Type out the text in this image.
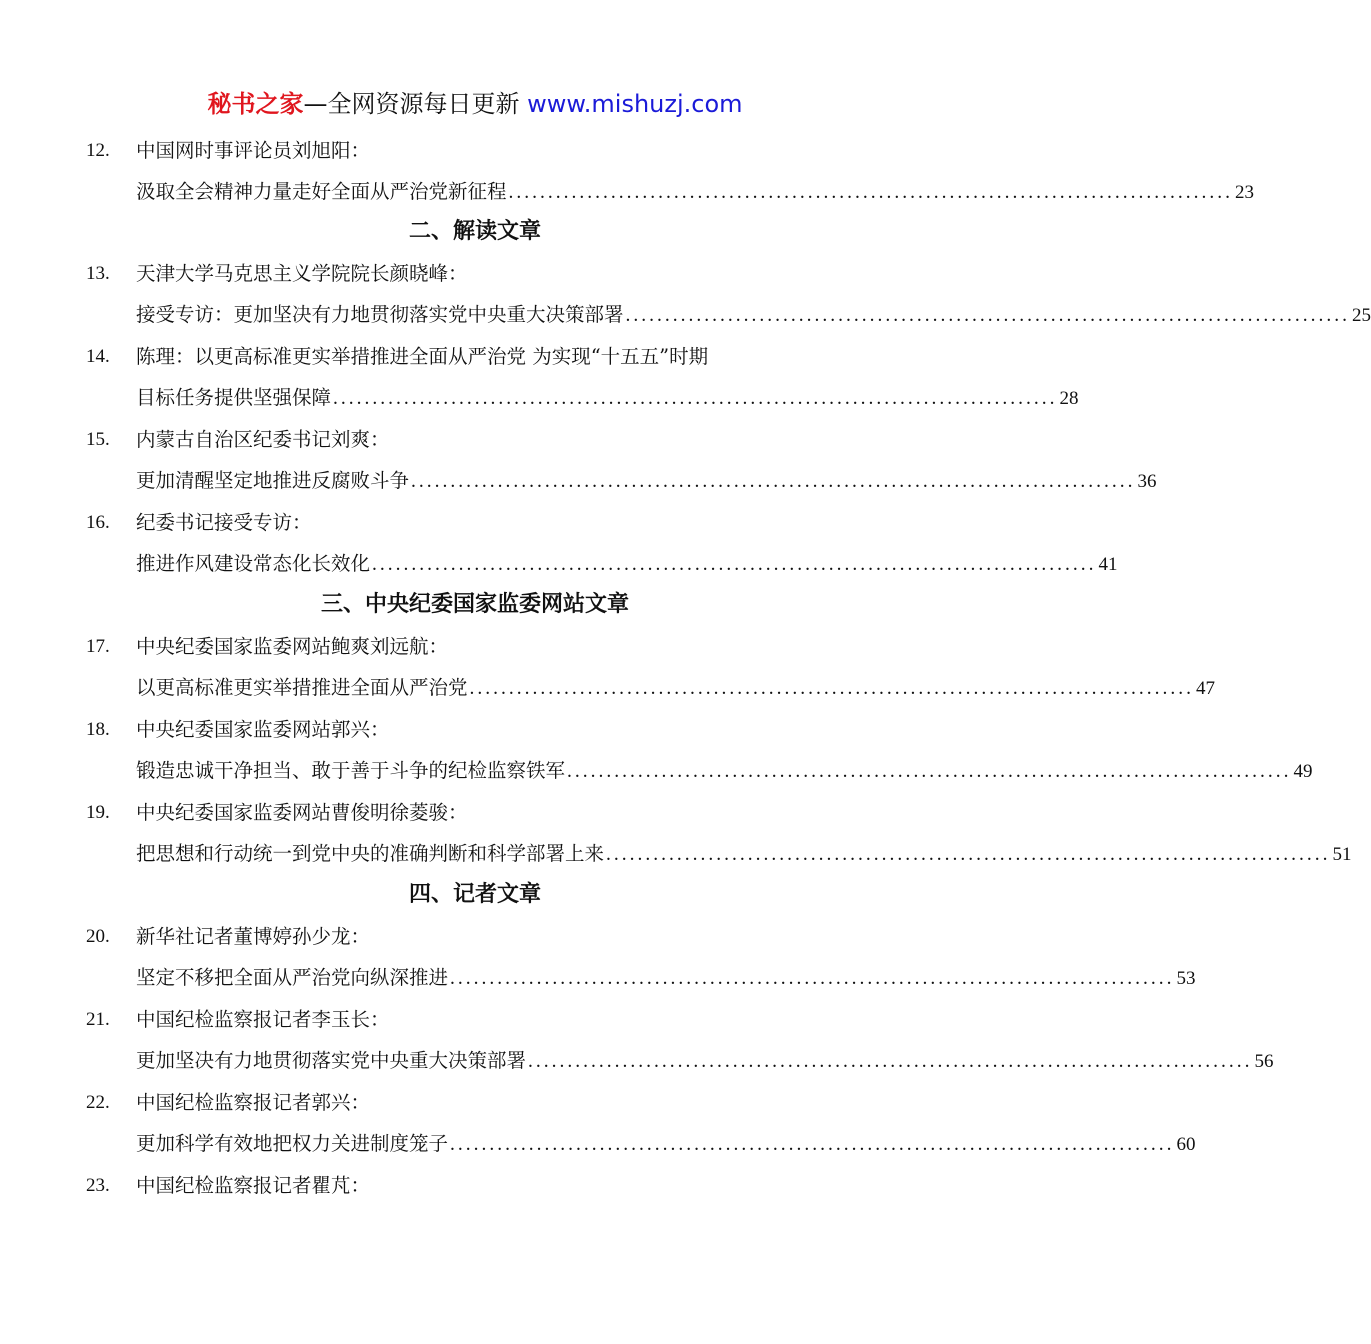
秘书之家—全网资源每日更新 www.mishuzj.com
12. 中国网时事评论员刘旭阳：
汲取全会精神力量走好全面从严治党新征程 ............................................................................................ 23
二、解读文章
13. 天津大学马克思主义学院院长颜晓峰：
接受专访：更加坚决有力地贯彻落实党中央重大决策部署 ............................................................................................ 25
14. 陈理：以更高标准更实举措推进全面从严治党 为实现“十五五”时期
目标任务提供坚强保障 ............................................................................................ 28
15. 内蒙古自治区纪委书记刘爽：
更加清醒坚定地推进反腐败斗争 ............................................................................................ 36
16. 纪委书记接受专访：
推进作风建设常态化长效化 ............................................................................................ 41
三、中央纪委国家监委网站文章
17. 中央纪委国家监委网站鲍爽刘远航：
以更高标准更实举措推进全面从严治党 ............................................................................................ 47
18. 中央纪委国家监委网站郭兴：
锻造忠诚干净担当、敢于善于斗争的纪检监察铁军 ............................................................................................ 49
19. 中央纪委国家监委网站曹俊明徐菱骏：
把思想和行动统一到党中央的准确判断和科学部署上来 ............................................................................................ 51
四、记者文章
20. 新华社记者董博婷孙少龙：
坚定不移把全面从严治党向纵深推进 ............................................................................................ 53
21. 中国纪检监察报记者李玉长：
更加坚决有力地贯彻落实党中央重大决策部署 ............................................................................................ 56
22. 中国纪检监察报记者郭兴：
更加科学有效地把权力关进制度笼子 ............................................................................................ 60
23. 中国纪检监察报记者瞿芃：
